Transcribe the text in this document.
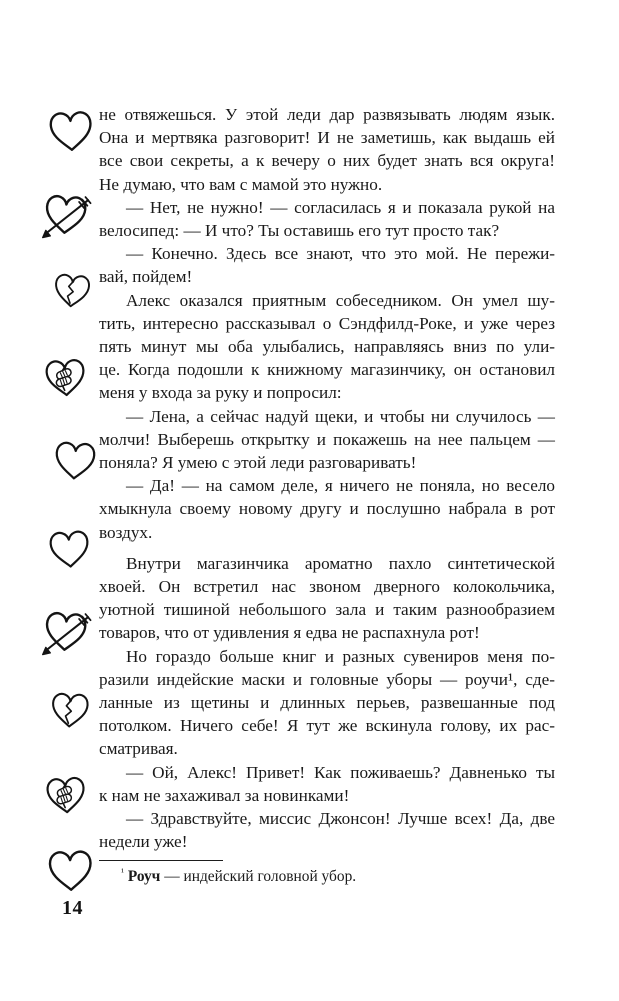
не отвяжешься. У этой леди дар развязывать людям язык.
Она и мертвяка разговорит! И не заметишь, как выдашь ей
все свои секреты, а к вечеру о них будет знать вся округа!
Не думаю, что вам с мамой это нужно.
— Нет, не нужно! — согласилась я и показала рукой на
велосипед: — И что? Ты оставишь его тут просто так?
— Конечно. Здесь все знают, что это мой. Не пережи-
вай, пойдем!
Алекс оказался приятным собеседником. Он умел шу-
тить, интересно рассказывал о Сэндфилд-Роке, и уже через
пять минут мы оба улыбались, направляясь вниз по ули-
це. Когда подошли к книжному магазинчику, он остановил
меня у входа за руку и попросил:
— Лена, а сейчас надуй щеки, и чтобы ни случилось —
молчи! Выберешь открытку и покажешь на нее пальцем —
поняла? Я умею с этой леди разговаривать!
— Да! — на самом деле, я ничего не поняла, но весело
хмыкнула своему новому другу и послушно набрала в рот
воздух.
Внутри магазинчика ароматно пахло синтетической
хвоей. Он встретил нас звоном дверного колокольчика,
уютной тишиной небольшого зала и таким разнообразием
товаров, что от удивления я едва не распахнула рот!
Но гораздо больше книг и разных сувениров меня по-
разили индейские маски и головные уборы — роучи¹, сде-
ланные из щетины и длинных перьев, развешанные под
потолком. Ничего себе! Я тут же вскинула голову, их рас-
сматривая.
— Ой, Алекс! Привет! Как поживаешь? Давненько ты
к нам не захаживал за новинками!
— Здравствуйте, миссис Джонсон! Лучше всех! Да, две
недели уже!
$^{^1}$ Роуч — индейский головной убор.
14
